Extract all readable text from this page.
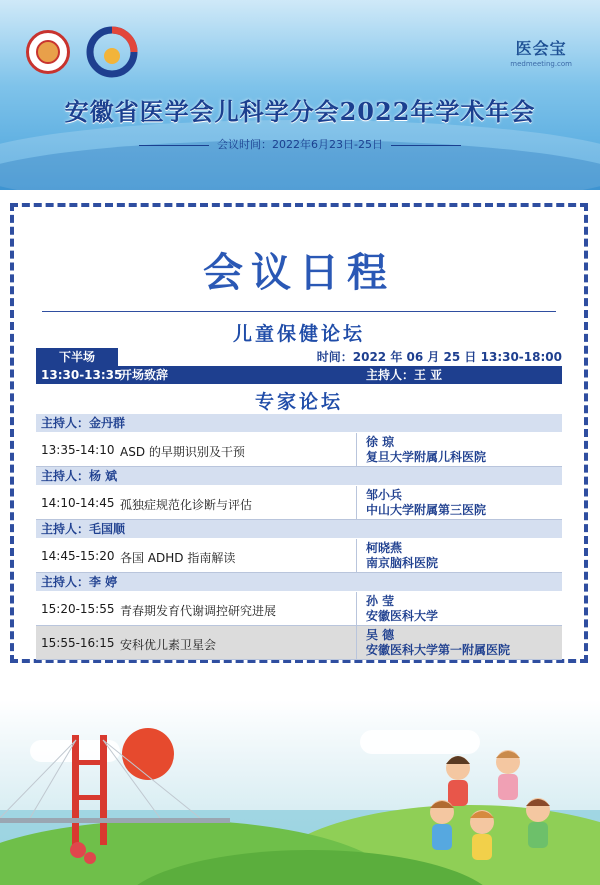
医会宝
medmeeting.com
安徽省医学会儿科学分会2022年学术年会
会议时间：2022年6月23日-25日
会议日程
儿童保健论坛
下半场	时间：2022 年 06 月 25 日 13:30-18:00
13:30-13:35
开场致辞	主持人：王 亚
专家论坛
主持人：金丹群
13:35-14:10 ASD 的早期识别及干预
徐 琼
复旦大学附属儿科医院
主持人：杨 斌
14:10-14:45 孤独症规范化诊断与评估
邹小兵
中山大学附属第三医院
主持人：毛国顺
14:45-15:20 各国 ADHD 指南解读
柯晓燕
南京脑科医院
主持人：李 婷
15:20-15:55 青春期发育代谢调控研究进展
孙 莹
安徽医科大学
15:55-16:15 安科优儿素卫星会
吴 德
安徽医科大学第一附属医院
